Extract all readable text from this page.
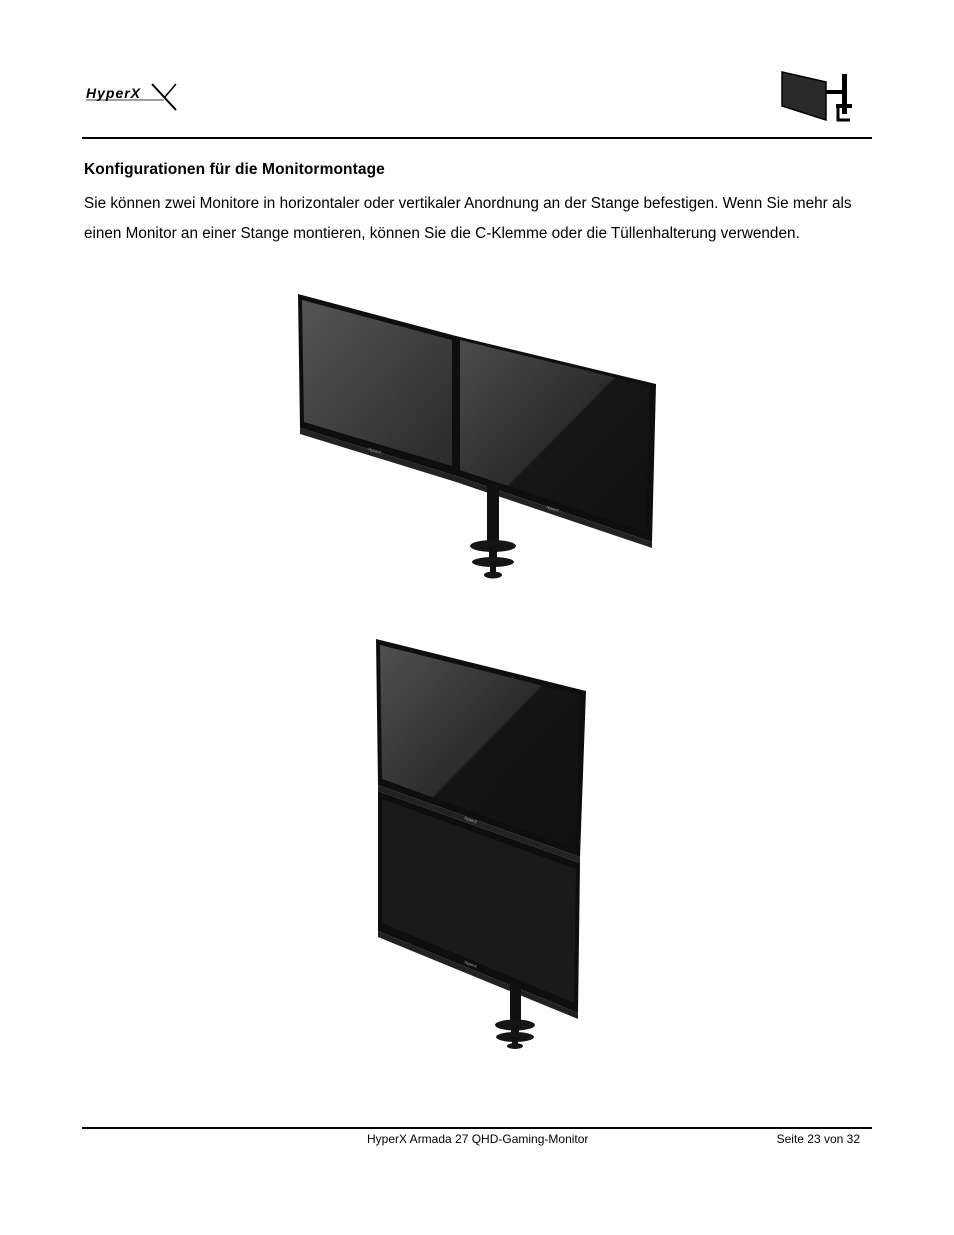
HyperX
Konfigurationen für die Monitormontage
Sie können zwei Monitore in horizontaler oder vertikaler Anordnung an der Stange befestigen. Wenn Sie mehr als einen Monitor an einer Stange montieren, können Sie die C-Klemme oder die Tüllenhalterung verwenden.
HyperX
HyperX
HyperX
HyperX
HyperX Armada 27 QHD-Gaming-Monitor	Seite 23 von 32
